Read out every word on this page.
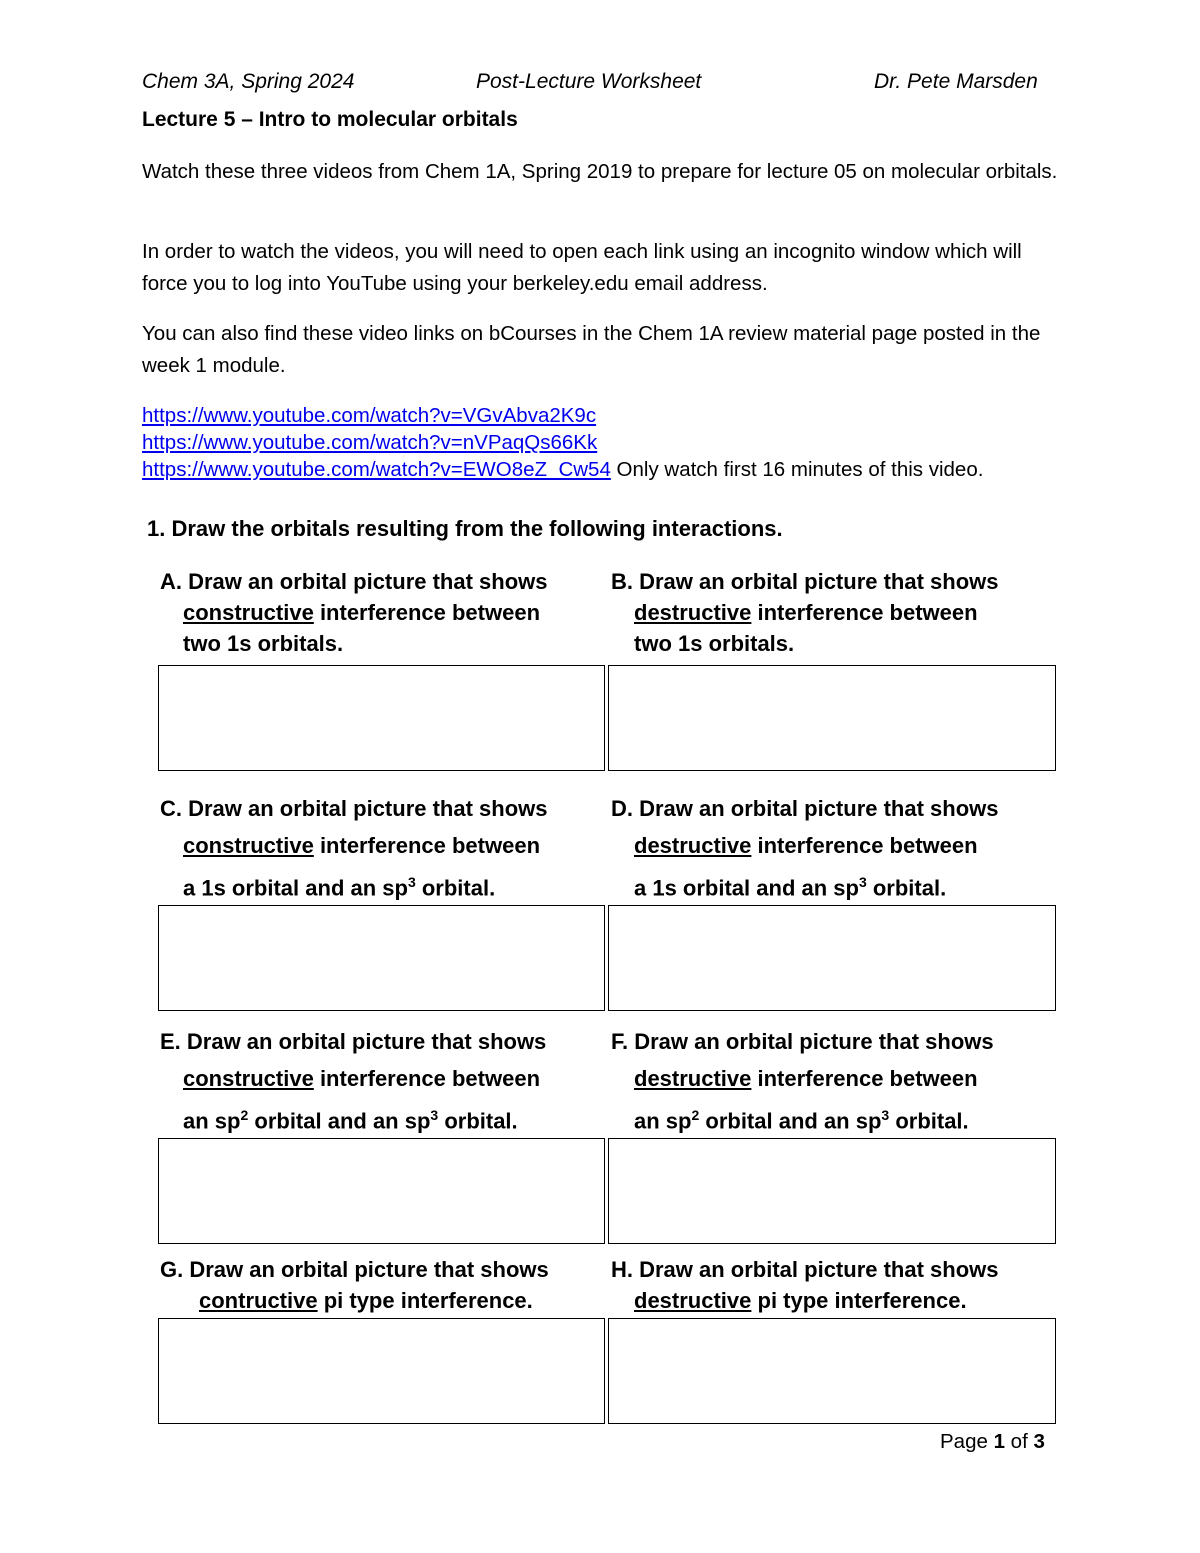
Chem 3A, Spring 2024	Post-Lecture Worksheet	Dr. Pete Marsden
Lecture 5 – Intro to molecular orbitals
Watch these three videos from Chem 1A, Spring 2019 to prepare for lecture 05 on molecular orbitals.
In order to watch the videos, you will need to open each link using an incognito window which will force you to log into YouTube using your berkeley.edu email address.
You can also find these video links on bCourses in the Chem 1A review material page posted in the week 1 module.
https://www.youtube.com/watch?v=VGvAbva2K9c
https://www.youtube.com/watch?v=nVPaqQs66Kk
https://www.youtube.com/watch?v=EWO8eZ_Cw54 Only watch first 16 minutes of this video.
1. Draw the orbitals resulting from the following interactions.
A. Draw an orbital picture that shows
constructive interference between
two 1s orbitals.
B. Draw an orbital picture that shows
destructive interference between
two 1s orbitals.
C. Draw an orbital picture that shows
constructive interference between
a 1s orbital and an $sp^3$ orbital.
D. Draw an orbital picture that shows
destructive interference between
a 1s orbital and an $sp^3$ orbital.
E. Draw an orbital picture that shows
constructive interference between
an $sp^2$ orbital and an $sp^3$ orbital.
F. Draw an orbital picture that shows
destructive interference between
an $sp^2$ orbital and an $sp^3$ orbital.
G. Draw an orbital picture that shows
contructive pi type interference.
H. Draw an orbital picture that shows
destructive pi type interference.
Page 1 of 3
